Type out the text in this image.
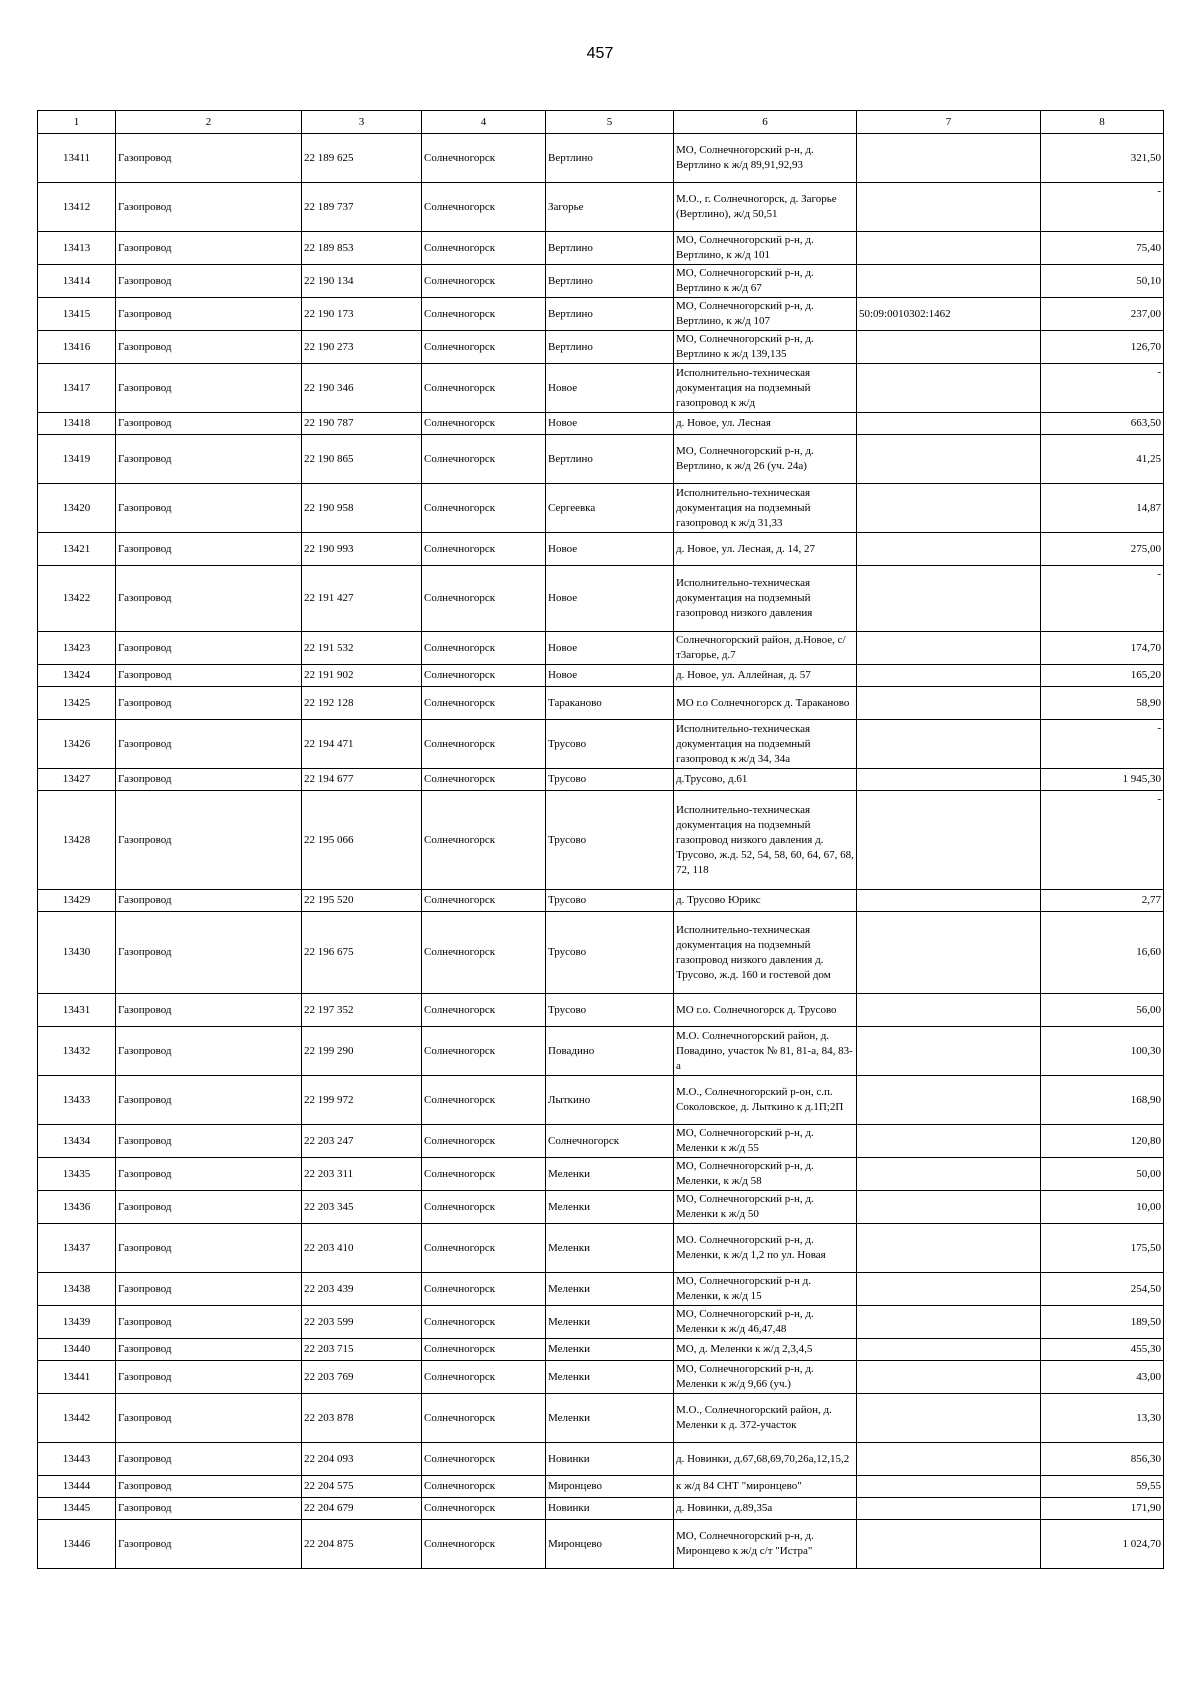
457
1	2	3	4	5	6	7	8
13411	Газопровод	22 189 625	Солнечногорск	Вертлино	МО, Солнечногорский р-н, д. Вертлино к ж/д 89,91,92,93		321,50
13412	Газопровод	22 189 737	Солнечногорск	Загорье	М.О., г. Солнечногорск, д. Загорье (Вертлино), ж/д 50,51		-
13413	Газопровод	22 189 853	Солнечногорск	Вертлино	МО, Солнечногорский р-н, д. Вертлино, к ж/д 101		75,40
13414	Газопровод	22 190 134	Солнечногорск	Вертлино	МО, Солнечногорский р-н, д. Вертлино к ж/д 67		50,10
13415	Газопровод	22 190 173	Солнечногорск	Вертлино	МО, Солнечногорский р-н, д. Вертлино, к ж/д 107	50:09:0010302:1462	237,00
13416	Газопровод	22 190 273	Солнечногорск	Вертлино	МО, Солнечногорский р-н, д. Вертлино к ж/д 139,135		126,70
13417	Газопровод	22 190 346	Солнечногорск	Новое	Исполнительно-техническая документация на подземный газопровод к ж/д		-
13418	Газопровод	22 190 787	Солнечногорск	Новое	д. Новое, ул. Лесная		663,50
13419	Газопровод	22 190 865	Солнечногорск	Вертлино	МО, Солнечногорский р-н, д. Вертлино, к ж/д 26 (уч. 24а)		41,25
13420	Газопровод	22 190 958	Солнечногорск	Сергеевка	Исполнительно-техническая документация на подземный газопровод к ж/д 31,33		14,87
13421	Газопровод	22 190 993	Солнечногорск	Новое	д. Новое, ул. Лесная, д. 14, 27		275,00
13422	Газопровод	22 191 427	Солнечногорск	Новое	Исполнительно-техническая документация на подземный газопровод низкого давления		-
13423	Газопровод	22 191 532	Солнечногорск	Новое	Солнечногорский район, д.Новое, с/т3агорье, д.7		174,70
13424	Газопровод	22 191 902	Солнечногорск	Новое	д. Новое, ул. Аллейная, д. 57		165,20
13425	Газопровод	22 192 128	Солнечногорск	Тараканово	МО г.о Солнечногорск д. Тараканово		58,90
13426	Газопровод	22 194 471	Солнечногорск	Трусово	Исполнительно-техническая документация на подземный газопровод к ж/д 34, 34а		-
13427	Газопровод	22 194 677	Солнечногорск	Трусово	д.Трусово, д.61		1 945,30
13428	Газопровод	22 195 066	Солнечногорск	Трусово	Исполнительно-техническая документация на подземный газопровод низкого давления д. Трусово, ж.д. 52, 54, 58, 60, 64, 67, 68, 72, 118		-
13429	Газопровод	22 195 520	Солнечногорск	Трусово	д. Трусово Юрикс		2,77
13430	Газопровод	22 196 675	Солнечногорск	Трусово	Исполнительно-техническая документация на подземный газопровод низкого давления д. Трусово, ж.д. 160 и гостевой дом		16,60
13431	Газопровод	22 197 352	Солнечногорск	Трусово	МО г.о. Солнечногорск д. Трусово		56,00
13432	Газопровод	22 199 290	Солнечногорск	Повадино	М.О. Солнечногорский район, д. Повадино, участок № 81, 81-а, 84, 83-а		100,30
13433	Газопровод	22 199 972	Солнечногорск	Лыткино	М.О., Солнечногорский р-он, с.п. Соколовское, д. Лыткино к д.1П;2П		168,90
13434	Газопровод	22 203 247	Солнечногорск	Солнечногорск	МО, Солнечногорский р-н, д. Меленки к ж/д 55		120,80
13435	Газопровод	22 203 311	Солнечногорск	Меленки	МО, Солнечногорский р-н, д. Меленки, к ж/д 58		50,00
13436	Газопровод	22 203 345	Солнечногорск	Меленки	МО, Солнечногорский р-н, д. Меленки к ж/д 50		10,00
13437	Газопровод	22 203 410	Солнечногорск	Меленки	МО. Солнечногорский р-н, д. Меленки, к ж/д 1,2 по ул. Новая		175,50
13438	Газопровод	22 203 439	Солнечногорск	Меленки	МО, Солнечногорский р-н д. Меленки, к ж/д 15		254,50
13439	Газопровод	22 203 599	Солнечногорск	Меленки	МО, Солнечногорский р-н, д. Меленки к ж/д 46,47,48		189,50
13440	Газопровод	22 203 715	Солнечногорск	Меленки	МО, д. Меленки к ж/д 2,3,4,5		455,30
13441	Газопровод	22 203 769	Солнечногорск	Меленки	МО, Солнечногорский р-н, д. Меленки к ж/д 9,66 (уч.)		43,00
13442	Газопровод	22 203 878	Солнечногорск	Меленки	М.О., Солнечногорский район, д. Меленки к д. 372-участок		13,30
13443	Газопровод	22 204 093	Солнечногорск	Новинки	д. Новинки, д.67,68,69,70,26а,12,15,2		856,30
13444	Газопровод	22 204 575	Солнечногорск	Миронцево	к ж/д 84 СНТ "миронцево"		59,55
13445	Газопровод	22 204 679	Солнечногорск	Новинки	д. Новинки, д.89,35а		171,90
13446	Газопровод	22 204 875	Солнечногорск	Миронцево	МО, Солнечногорский р-н, д. Миронцево к ж/д с/т "Истра"		1 024,70
